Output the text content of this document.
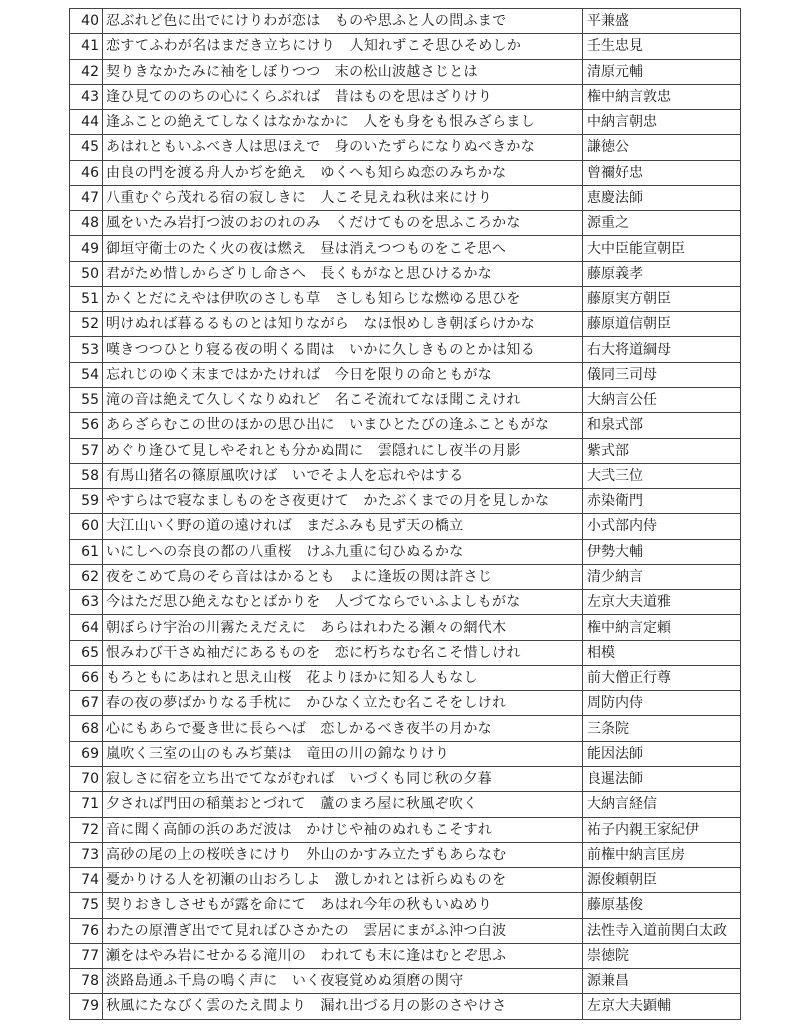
40	忍ぶれど色に出でにけりわが恋は　ものや思ふと人の問ふまで	平兼盛
41	恋すてふわが名はまだき立ちにけり　人知れずこそ思ひそめしか	壬生忠見
42	契りきなかたみに袖をしぼりつつ　末の松山波越さじとは	清原元輔
43	逢ひ見てののちの心にくらぶれば　昔はものを思はざりけり	権中納言敦忠
44	逢ふことの絶えてしなくはなかなかに　人をも身をも恨みざらまし	中納言朝忠
45	あはれともいふべき人は思ほえで　身のいたずらになりぬべきかな	謙徳公
46	由良の門を渡る舟人かぢを絶え　ゆくへも知らぬ恋のみちかな	曾禰好忠
47	八重むぐら茂れる宿の寂しきに　人こそ見えね秋は来にけり	恵慶法師
48	風をいたみ岩打つ波のおのれのみ　くだけてものを思ふころかな	源重之
49	御垣守衛士のたく火の夜は燃え　昼は消えつつものをこそ思へ	大中臣能宣朝臣
50	君がため惜しからざりし命さへ　長くもがなと思ひけるかな	藤原義孝
51	かくとだにえやは伊吹のさしも草　さしも知らじな燃ゆる思ひを	藤原実方朝臣
52	明けぬれば暮るるものとは知りながら　なほ恨めしき朝ぼらけかな	藤原道信朝臣
53	嘆きつつひとり寝る夜の明くる間は　いかに久しきものとかは知る	右大将道綱母
54	忘れじのゆく末まではかたければ　今日を限りの命ともがな	儀同三司母
55	滝の音は絶えて久しくなりぬれど　名こそ流れてなほ聞こえけれ	大納言公任
56	あらざらむこの世のほかの思ひ出に　いまひとたびの逢ふこともがな	和泉式部
57	めぐり逢ひて見しやそれとも分かぬ間に　雲隠れにし夜半の月影	紫式部
58	有馬山猪名の篠原風吹けば　いでそよ人を忘れやはする	大弐三位
59	やすらはで寝なましものをさ夜更けて　かたぶくまでの月を見しかな	赤染衛門
60	大江山いく野の道の遠ければ　まだふみも見ず天の橋立	小式部内侍
61	いにしへの奈良の都の八重桜　けふ九重に匂ひぬるかな	伊勢大輔
62	夜をこめて鳥のそら音ははかるとも　よに逢坂の関は許さじ	清少納言
63	今はただ思ひ絶えなむとばかりを　人づてならでいふよしもがな	左京大夫道雅
64	朝ぼらけ宇治の川霧たえだえに　あらはれわたる瀬々の網代木	権中納言定頼
65	恨みわび干さぬ袖だにあるものを　恋に朽ちなむ名こそ惜しけれ	相模
66	もろともにあはれと思え山桜　花よりほかに知る人もなし	前大僧正行尊
67	春の夜の夢ばかりなる手枕に　かひなく立たむ名こそをしけれ	周防内侍
68	心にもあらで憂き世に長らへば　恋しかるべき夜半の月かな	三条院
69	嵐吹く三室の山のもみぢ葉は　竜田の川の錦なりけり	能因法師
70	寂しさに宿を立ち出でてながむれば　いづくも同じ秋の夕暮	良暹法師
71	夕されば門田の稲葉おとづれて　蘆のまろ屋に秋風ぞ吹く	大納言経信
72	音に聞く高師の浜のあだ波は　かけじや袖のぬれもこそすれ	祐子内親王家紀伊
73	高砂の尾の上の桜咲きにけり　外山のかすみ立たずもあらなむ	前権中納言匡房
74	憂かりける人を初瀬の山おろしよ　激しかれとは祈らぬものを	源俊頼朝臣
75	契りおきしさせもが露を命にて　あはれ今年の秋もいぬめり	藤原基俊
76	わたの原漕ぎ出でて見ればひさかたの　雲居にまがふ沖つ白波	法性寺入道前関白太政
77	瀬をはやみ岩にせかるる滝川の　われても末に逢はむとぞ思ふ	崇徳院
78	淡路島通ふ千鳥の鳴く声に　いく夜寝覚めぬ須磨の関守	源兼昌
79	秋風にたなびく雲のたえ間より　漏れ出づる月の影のさやけさ	左京大夫顕輔
